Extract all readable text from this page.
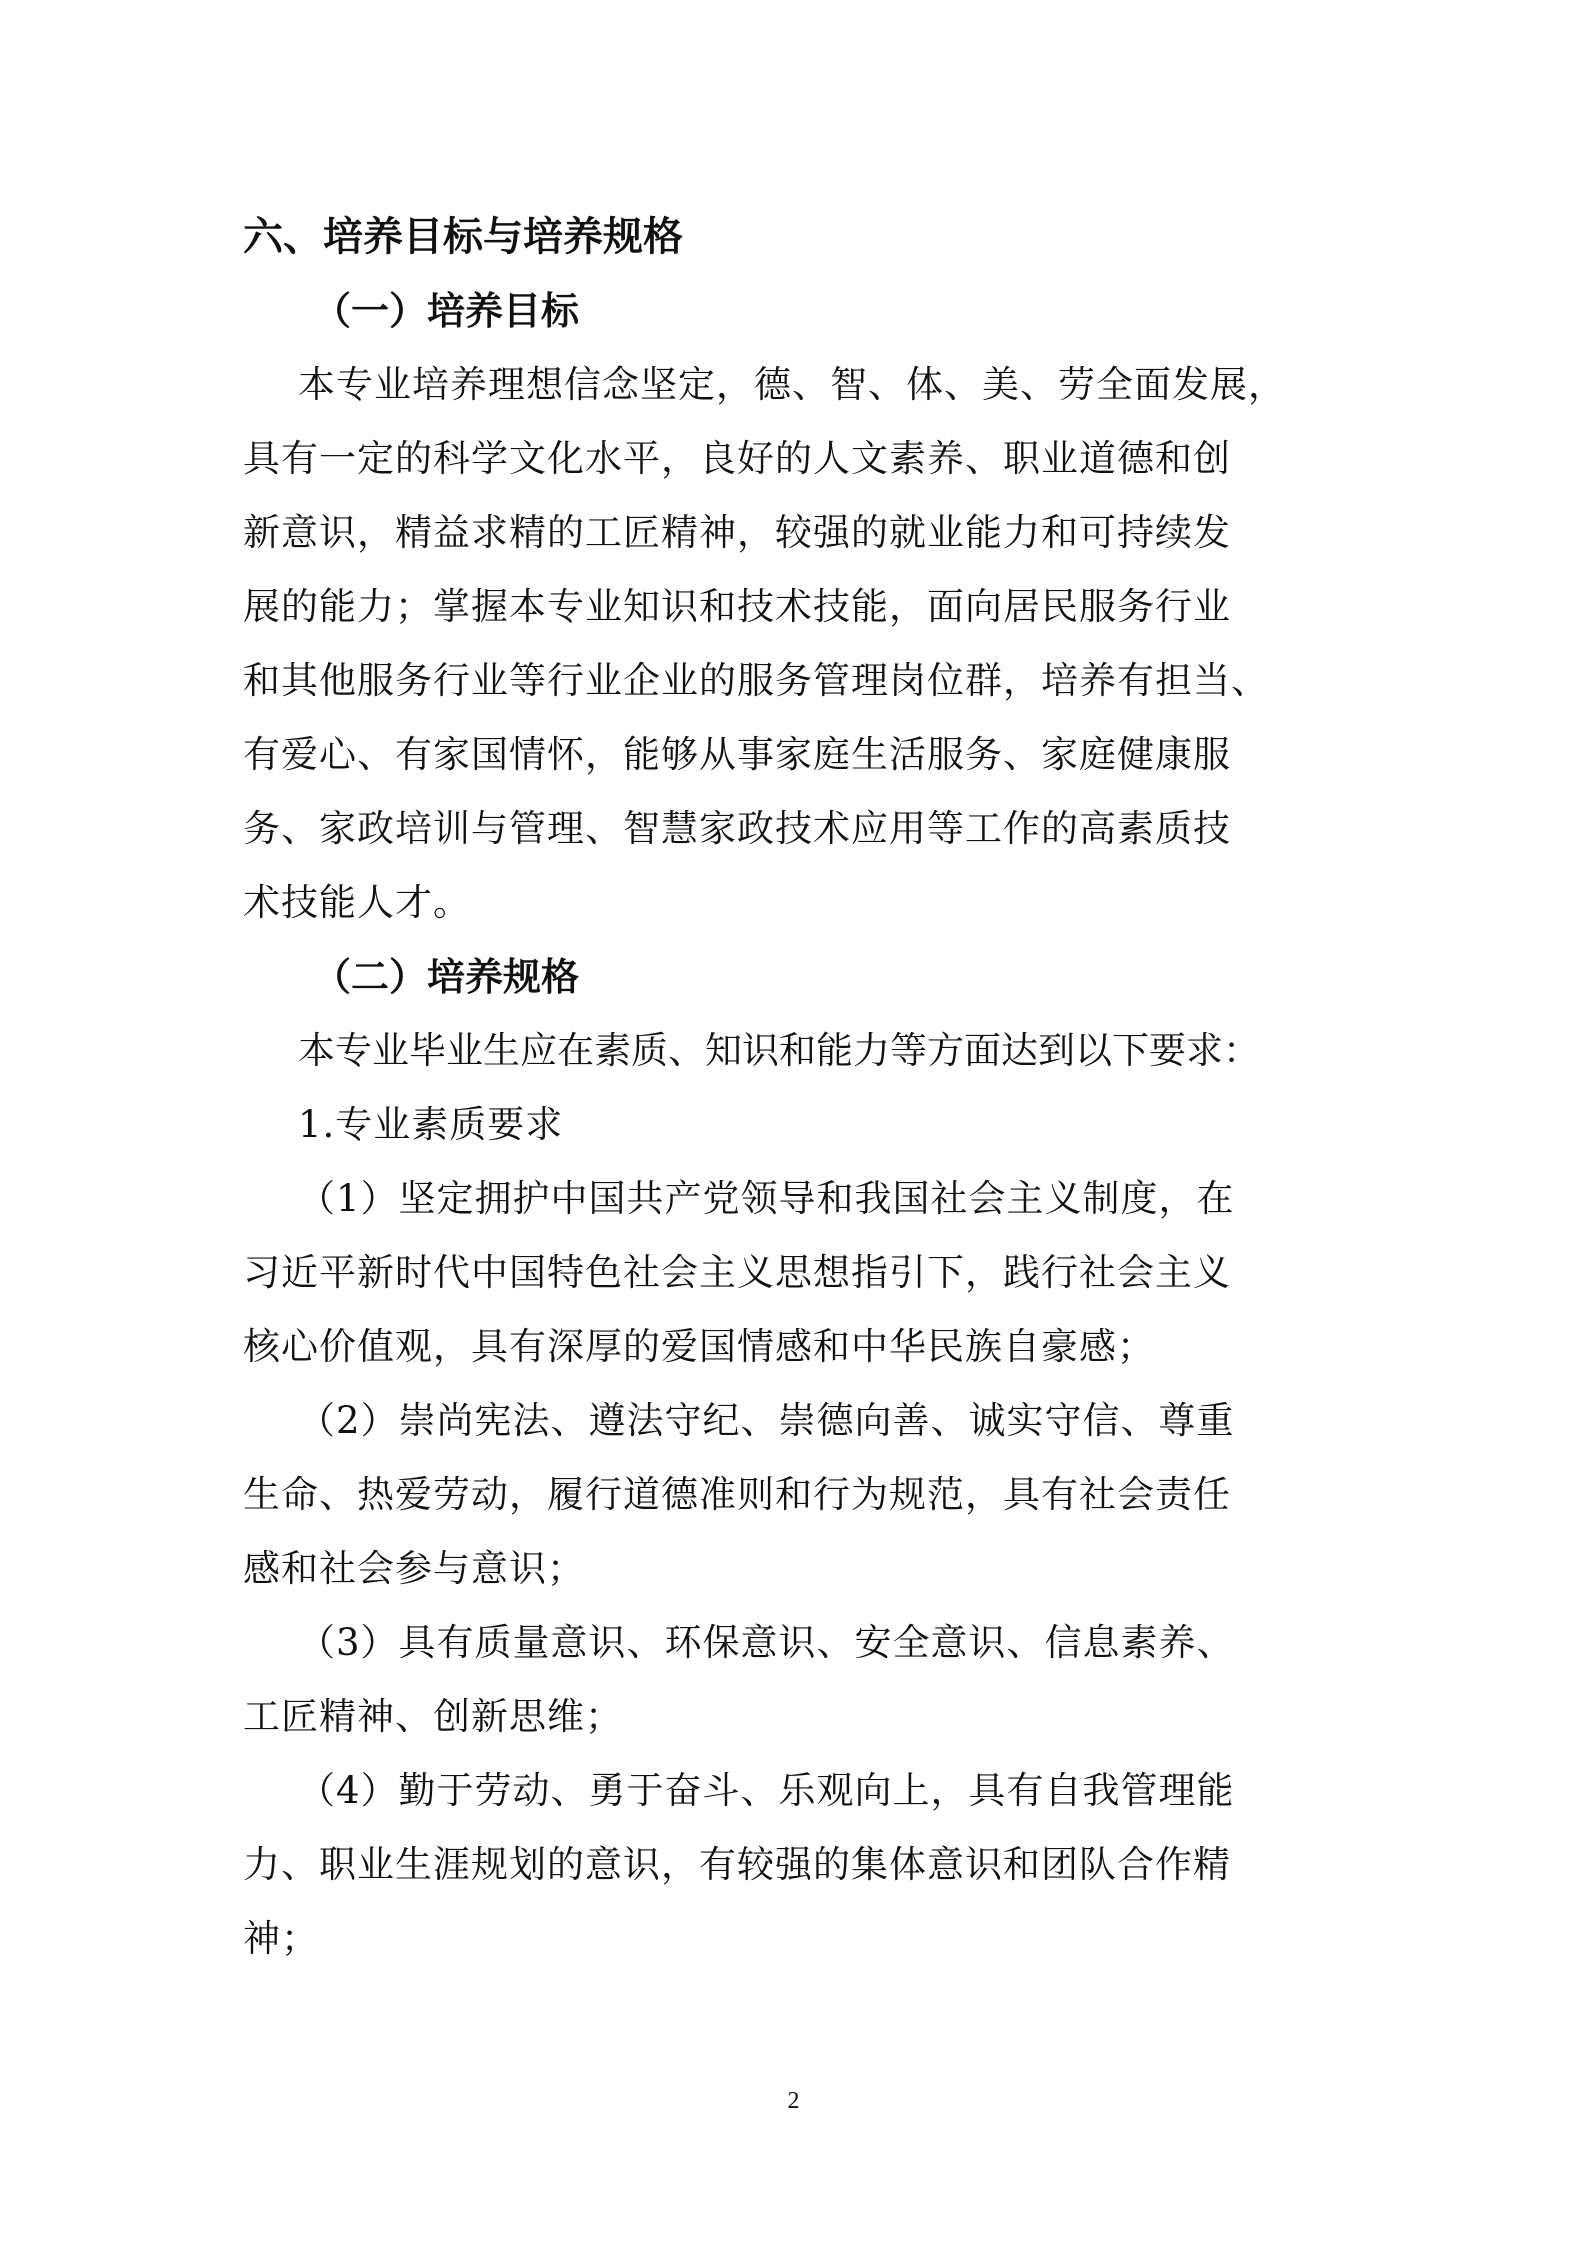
六、培养目标与培养规格
（一）培养目标

本专业培养理想信念坚定，德、智、体、美、劳全面发展，

具有一定的科学文化水平，良好的人文素养、职业道德和创

新意识，精益求精的工匠精神，较强的就业能力和可持续发

展的能力；掌握本专业知识和技术技能，面向居民服务行业

和其他服务行业等行业企业的服务管理岗位群，培养有担当、

有爱心、有家国情怀，能够从事家庭生活服务、家庭健康服

务、家政培训与管理、智慧家政技术应用等工作的高素质技

术技能人才。

（二）培养规格

本专业毕业生应在素质、知识和能力等方面达到以下要求：

1.专业素质要求

（1）坚定拥护中国共产党领导和我国社会主义制度，在

习近平新时代中国特色社会主义思想指引下，践行社会主义

核心价值观，具有深厚的爱国情感和中华民族自豪感；

（2）崇尚宪法、遵法守纪、崇德向善、诚实守信、尊重

生命、热爱劳动，履行道德准则和行为规范，具有社会责任

感和社会参与意识；

（3）具有质量意识、环保意识、安全意识、信息素养、

工匠精神、创新思维；

（4）勤于劳动、勇于奋斗、乐观向上，具有自我管理能

力、职业生涯规划的意识，有较强的集体意识和团队合作精

神；

2
